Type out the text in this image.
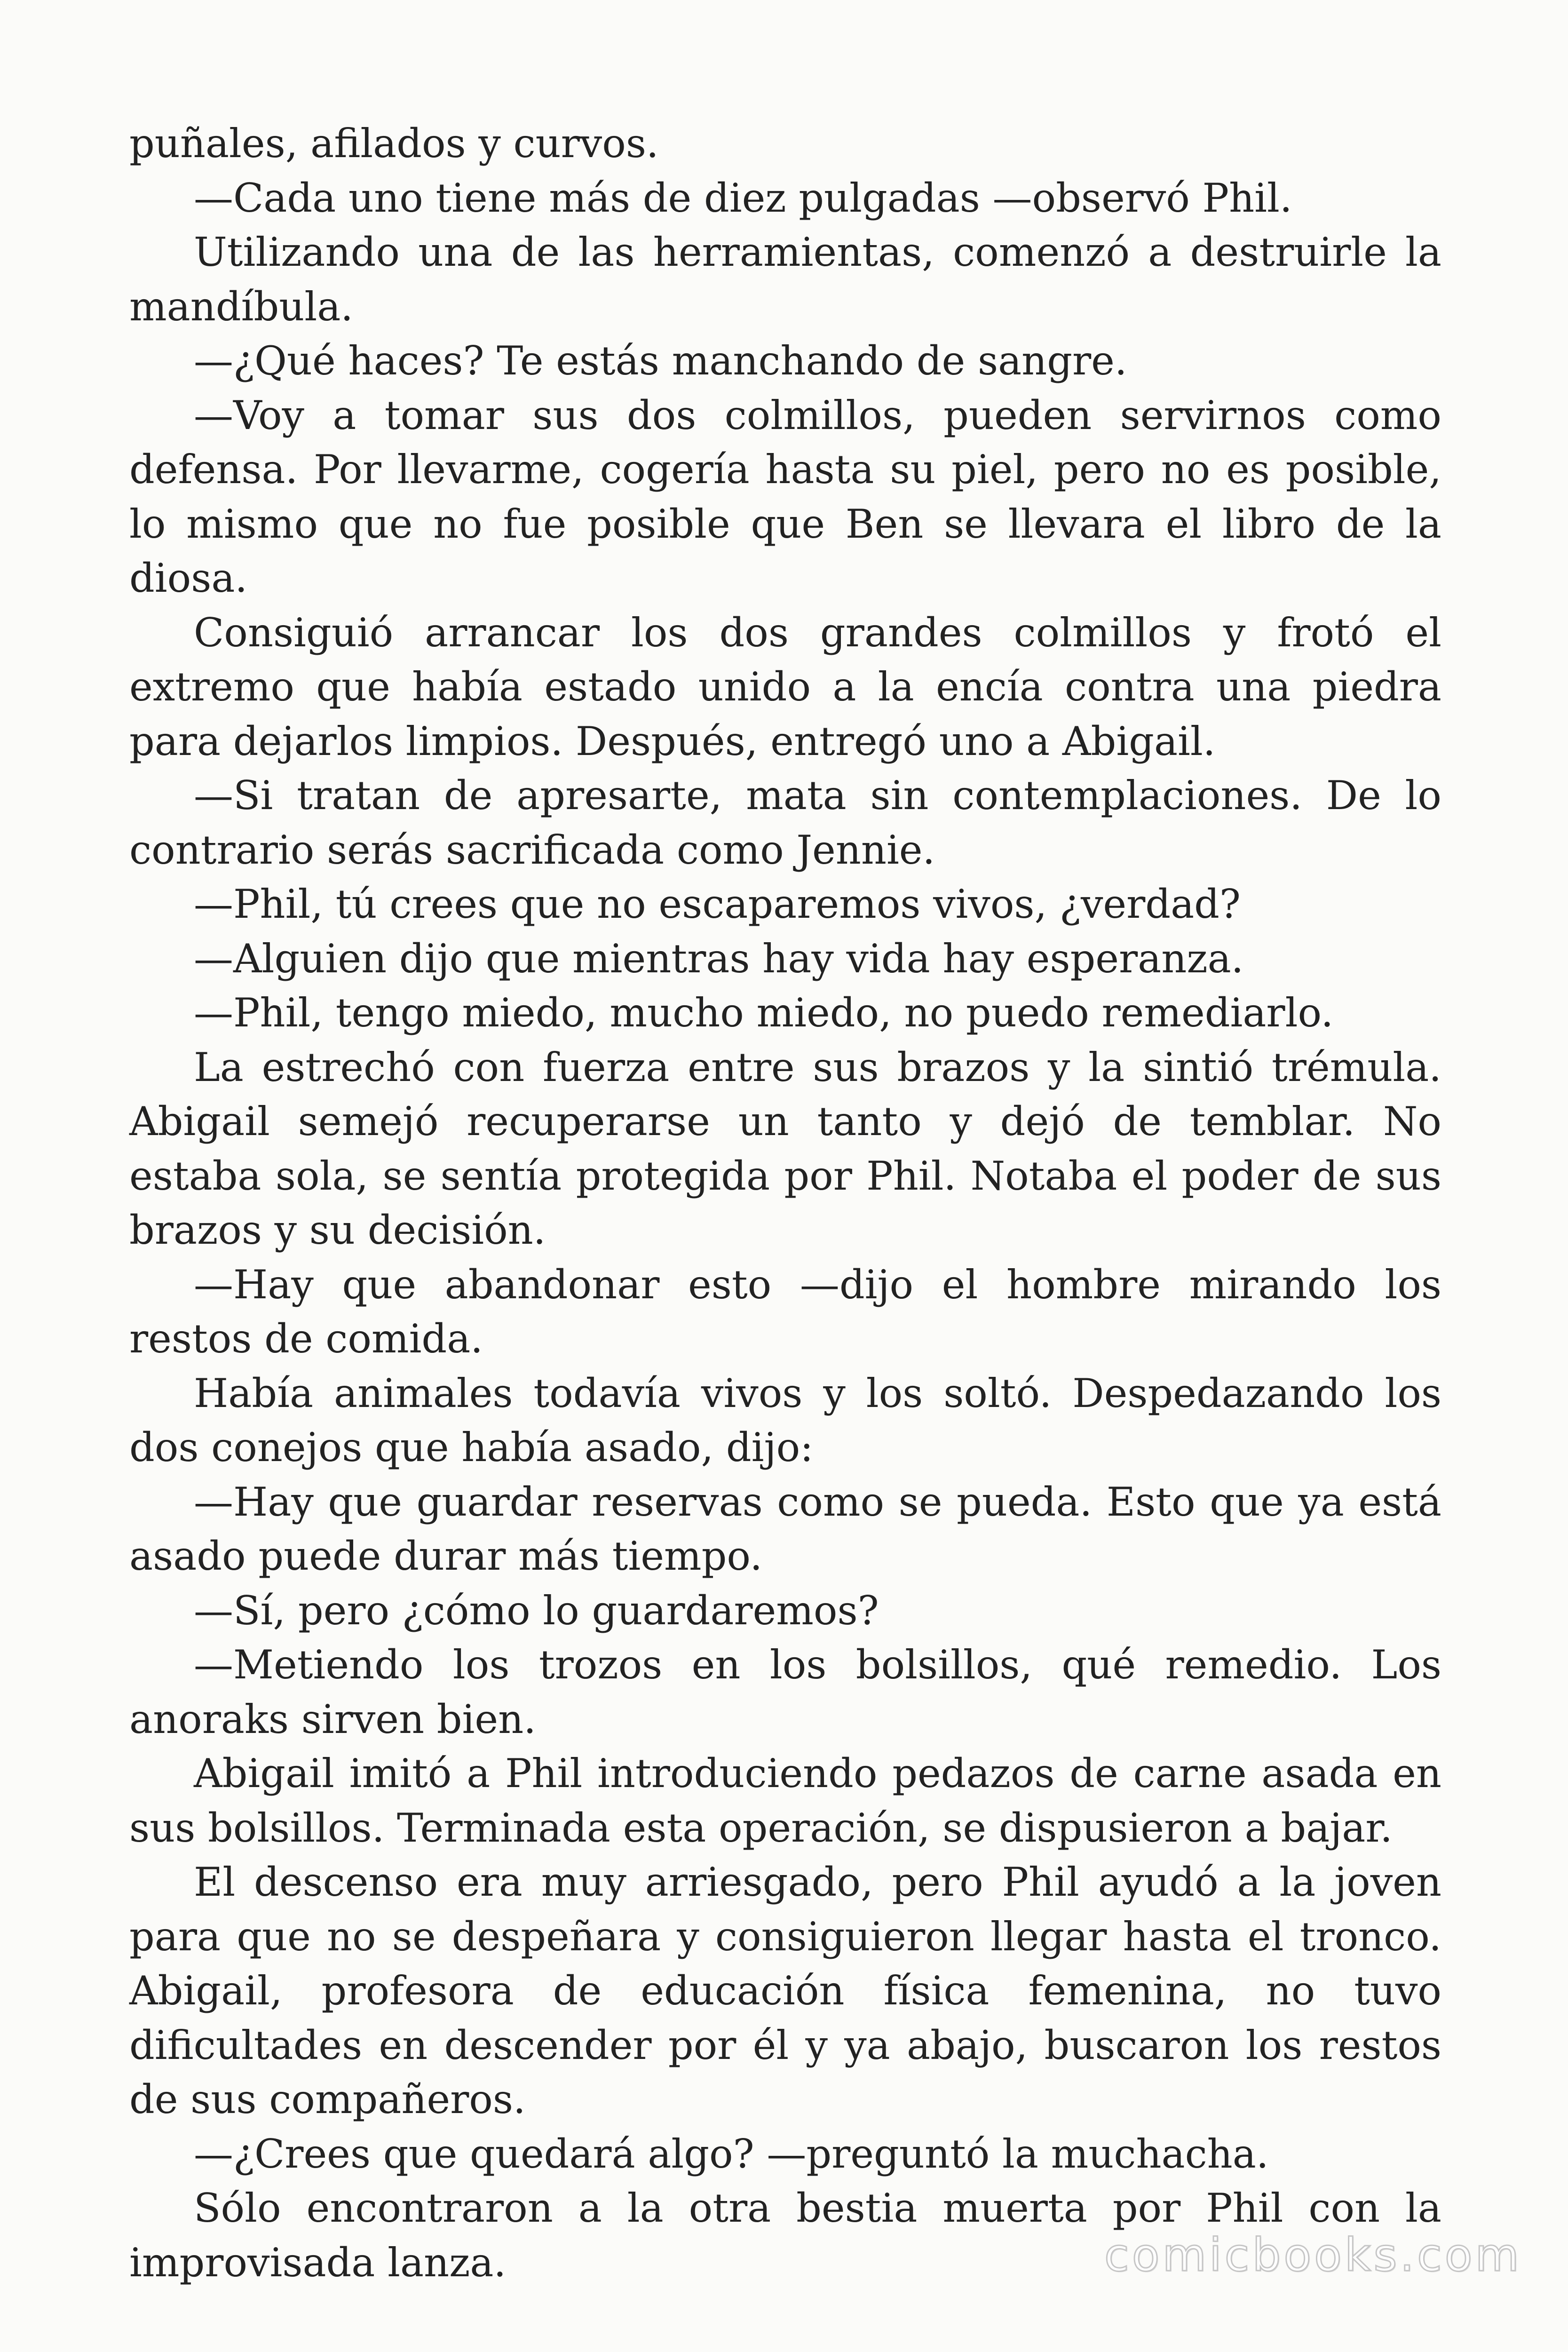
puñales, afilados y curvos.

—Cada uno tiene más de diez pulgadas —observó Phil.

Utilizando una de las herramientas, comenzó a destruirle la mandíbula.

—¿Qué haces? Te estás manchando de sangre.

—Voy a tomar sus dos colmillos, pueden servirnos como defensa. Por llevarme, cogería hasta su piel, pero no es posible, lo mismo que no fue posible que Ben se llevara el libro de la diosa.

Consiguió arrancar los dos grandes colmillos y frotó el extremo que había estado unido a la encía contra una piedra para dejarlos limpios. Después, entregó uno a Abigail.

—Si tratan de apresarte, mata sin contemplaciones. De lo contrario serás sacrificada como Jennie.

—Phil, tú crees que no escaparemos vivos, ¿verdad?

—Alguien dijo que mientras hay vida hay esperanza.

—Phil, tengo miedo, mucho miedo, no puedo remediarlo.

La estrechó con fuerza entre sus brazos y la sintió trémula. Abigail semejó recuperarse un tanto y dejó de temblar. No estaba sola, se sentía protegida por Phil. Notaba el poder de sus brazos y su decisión.

—Hay que abandonar esto —dijo el hombre mirando los restos de comida.

Había animales todavía vivos y los soltó. Despedazando los dos conejos que había asado, dijo:

—Hay que guardar reservas como se pueda. Esto que ya está asado puede durar más tiempo.

—Sí, pero ¿cómo lo guardaremos?

—Metiendo los trozos en los bolsillos, qué remedio. Los anoraks sirven bien.

Abigail imitó a Phil introduciendo pedazos de carne asada en sus bolsillos. Terminada esta operación, se dispusieron a bajar.

El descenso era muy arriesgado, pero Phil ayudó a la joven para que no se despeñara y consiguieron llegar hasta el tronco. Abigail, profesora de educación física femenina, no tuvo dificultades en descender por él y ya abajo, buscaron los restos de sus compañeros.

—¿Crees que quedará algo? —preguntó la muchacha.

Sólo encontraron a la otra bestia muerta por Phil con la improvisada lanza.	comicbooks.com
